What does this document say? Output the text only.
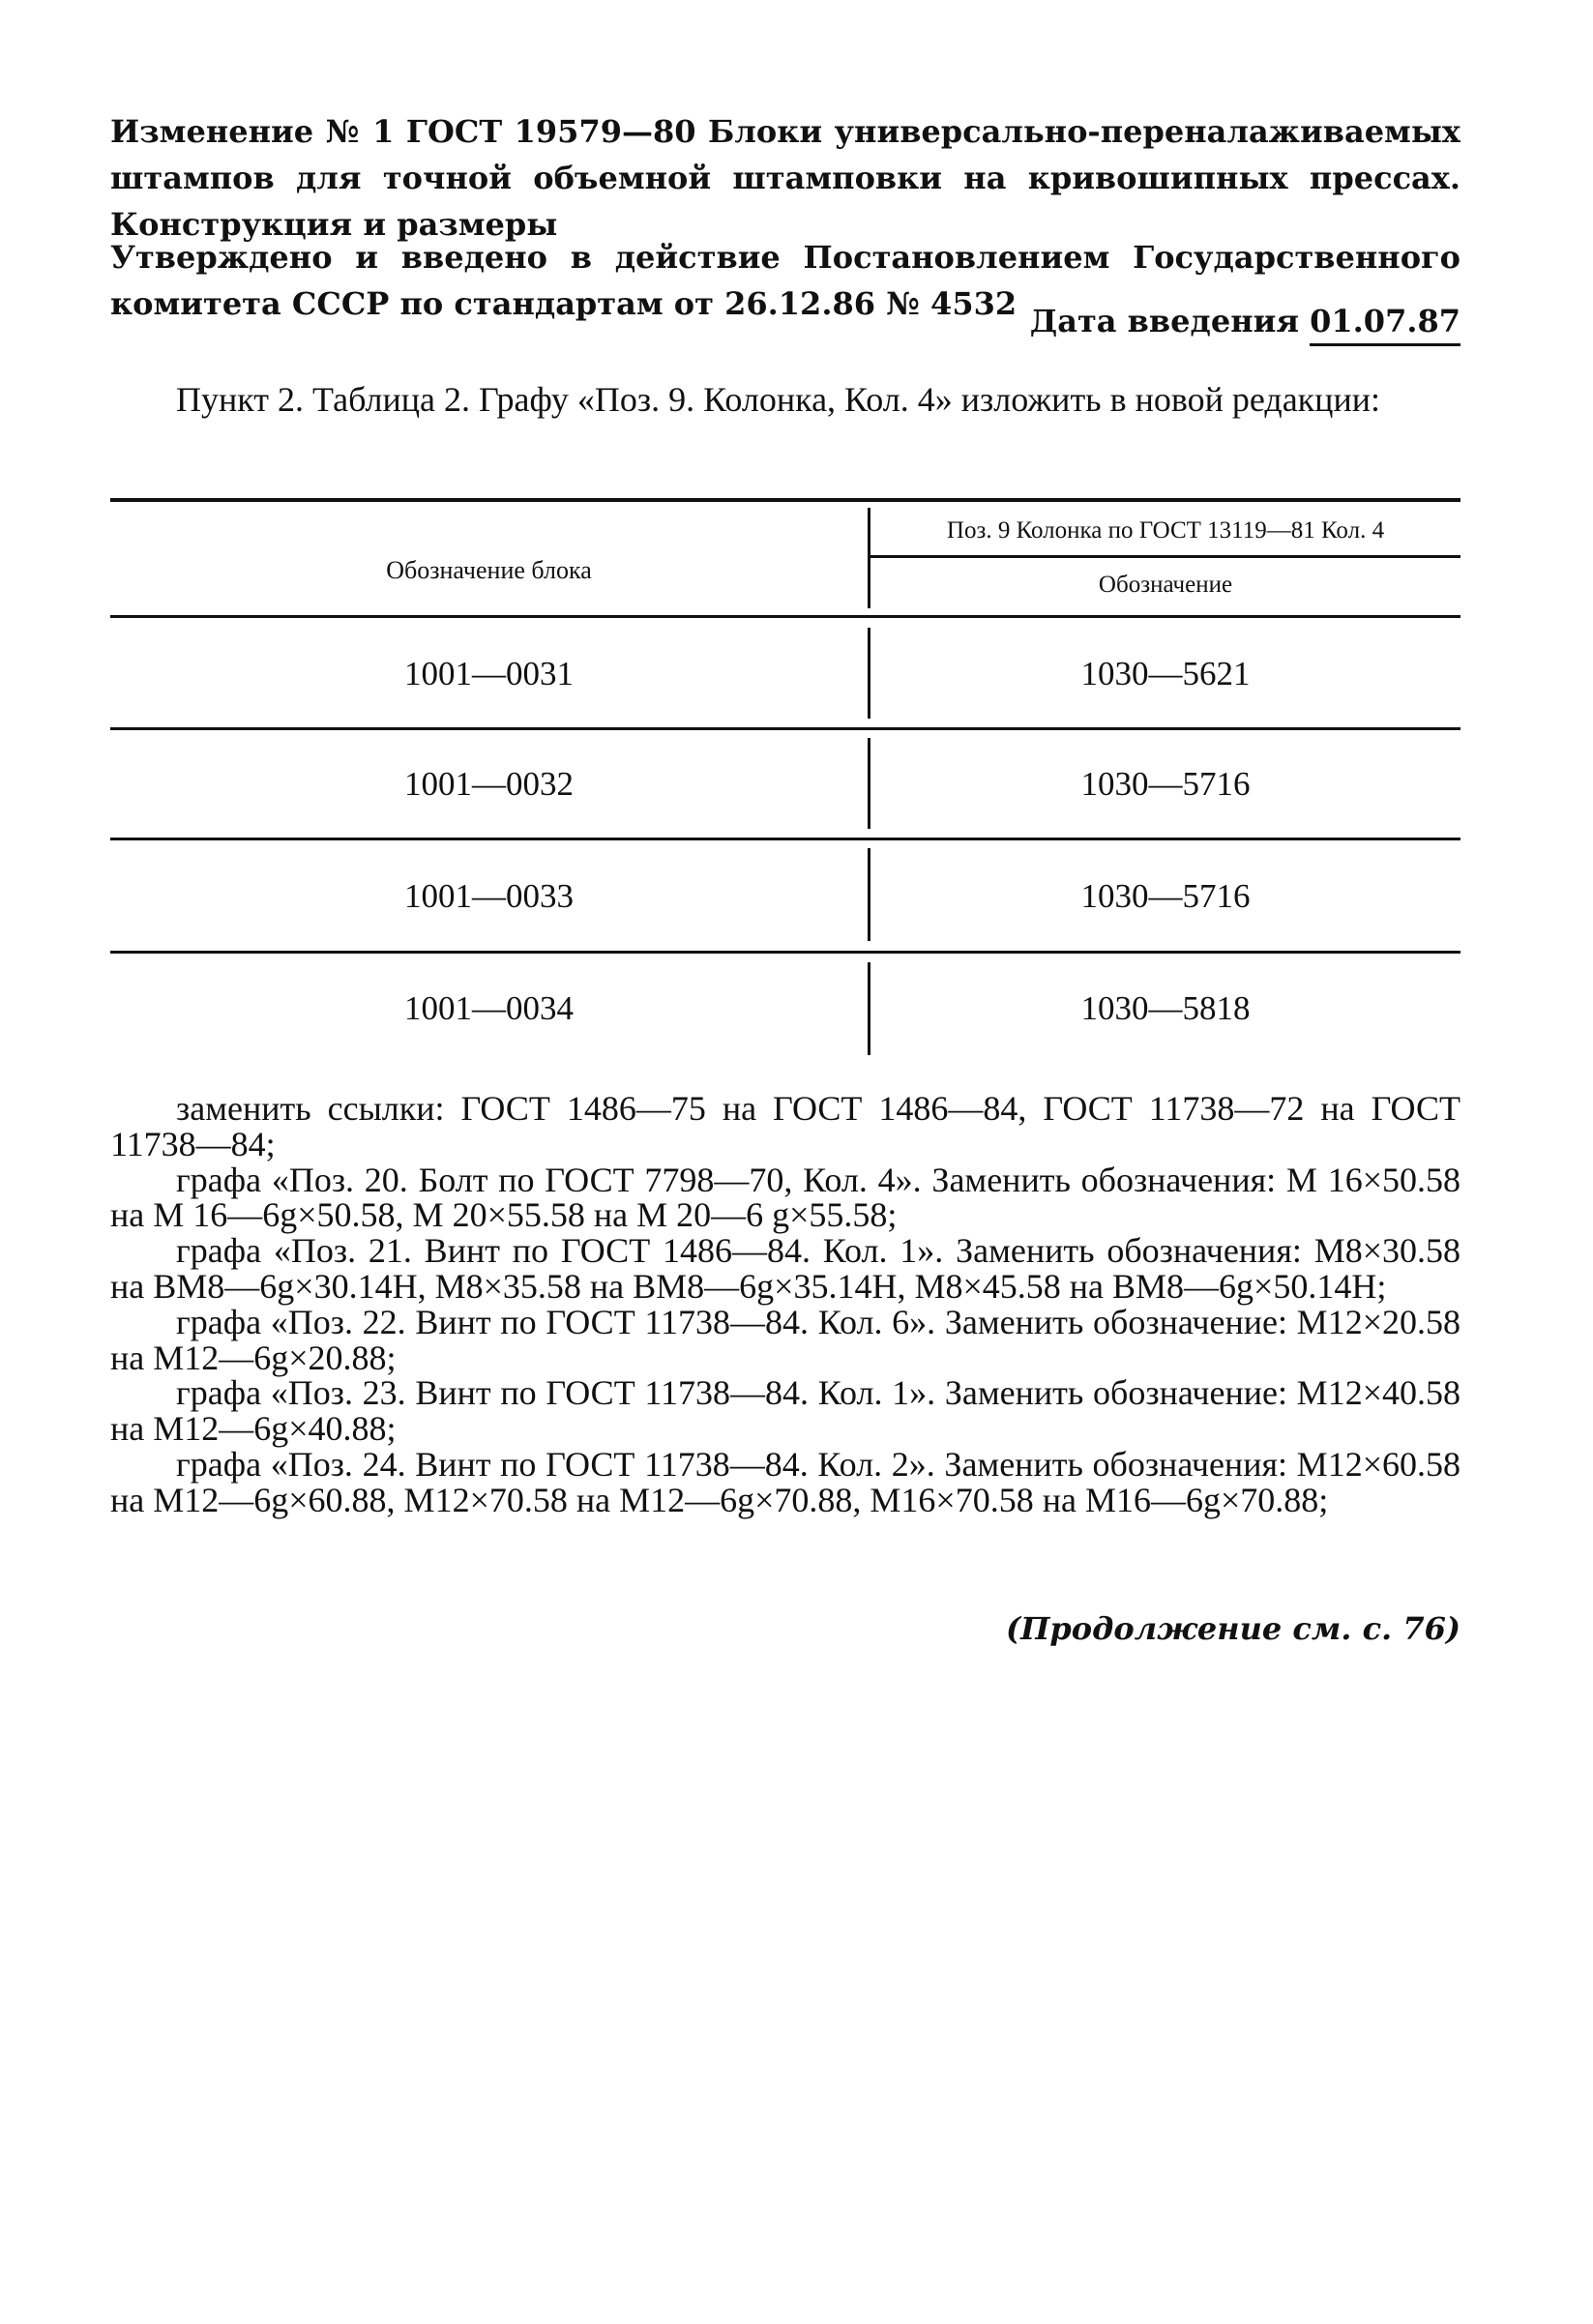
Изменение № 1 ГОСТ 19579—80 Блоки универсально-переналаживаемых штампов для точной объемной штамповки на кривошипных прессах. Конструкция и размеры
Утверждено и введено в действие Постановлением Государственного комитета СССР по стандартам от 26.12.86 № 4532 Дата введения 01.07.87
Пункт 2. Таблица 2. Графу «Поз. 9. Колонка, Кол. 4» изложить в новой редакции:
Обозначение блока
Поз. 9 Колонка по ГОСТ 13119—81 Кол. 4
Обозначение
1001—0031	1030—5621
1001—0032	1030—5716
1001—0033	1030—5716
1001—0034	1030—5818

заменить ссылки: ГОСТ 1486—75 на ГОСТ 1486—84, ГОСТ 11738—72 на ГОСТ 11738—84;

графа «Поз. 20. Болт по ГОСТ 7798—70, Кол. 4». Заменить обозначения: М 16×50.58 на М 16—6g×50.58, М 20×55.58 на М 20—6 g×55.58;

графа «Поз. 21. Винт по ГОСТ 1486—84. Кол. 1». Заменить обозначения: М8×30.58 на ВМ8—6g×30.14Н, М8×35.58 на ВМ8—6g×35.14Н, М8×45.58 на ВМ8—6g×50.14Н;

графа «Поз. 22. Винт по ГОСТ 11738—84. Кол. 6». Заменить обозначение: М12×20.58 на М12—6g×20.88;

графа «Поз. 23. Винт по ГОСТ 11738—84. Кол. 1». Заменить обозначение: М12×40.58 на М12—6g×40.88;

графа «Поз. 24. Винт по ГОСТ 11738—84. Кол. 2». Заменить обозначения: М12×60.58 на М12—6g×60.88, М12×70.58 на М12—6g×70.88, М16×70.58 на М16—6g×70.88;

(Продолжение см. с. 76)
